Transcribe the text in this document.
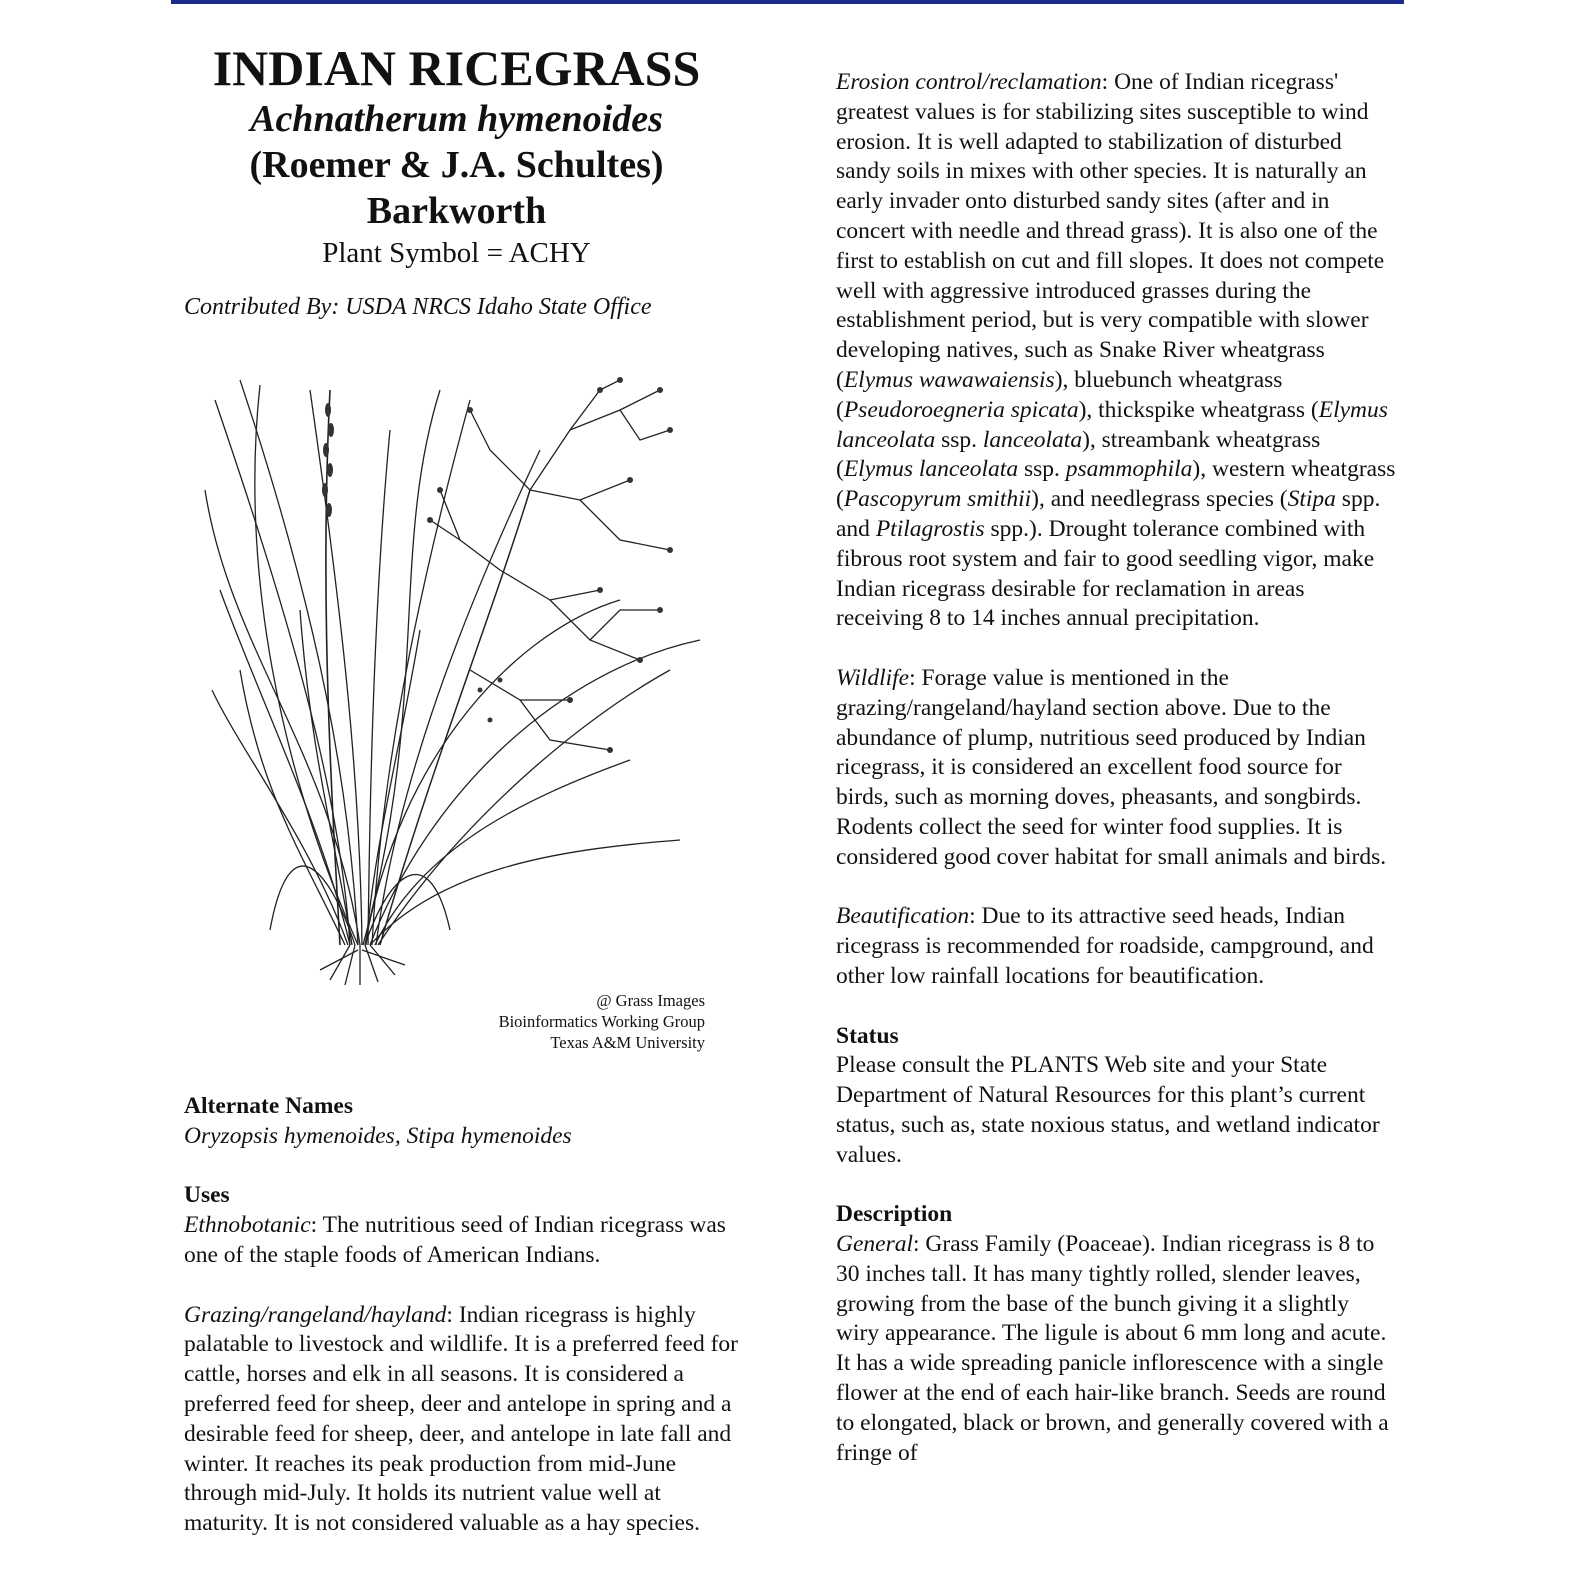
INDIAN RICEGRASS
Achnatherum hymenoides
(Roemer & J.A. Schultes)
Barkworth
Plant Symbol = ACHY
Contributed By: USDA NRCS Idaho State Office
@ Grass Images
Bioinformatics Working Group
Texas A&M University
Alternate Names
Oryzopsis hymenoides, Stipa hymenoides
Uses
Ethnobotanic: The nutritious seed of Indian ricegrass was one of the staple foods of American Indians.
Grazing/rangeland/hayland: Indian ricegrass is highly palatable to livestock and wildlife. It is a preferred feed for cattle, horses and elk in all seasons. It is considered a preferred feed for sheep, deer and antelope in spring and a desirable feed for sheep, deer, and antelope in late fall and winter. It reaches its peak production from mid-June through mid-July. It holds its nutrient value well at maturity. It is not considered valuable as a hay species.
Erosion control/reclamation: One of Indian ricegrass' greatest values is for stabilizing sites susceptible to wind erosion. It is well adapted to stabilization of disturbed sandy soils in mixes with other species. It is naturally an early invader onto disturbed sandy sites (after and in concert with needle and thread grass). It is also one of the first to establish on cut and fill slopes. It does not compete well with aggressive introduced grasses during the establishment period, but is very compatible with slower developing natives, such as Snake River wheatgrass (Elymus wawawaiensis), bluebunch wheatgrass (Pseudoroegneria spicata), thickspike wheatgrass (Elymus lanceolata ssp. lanceolata), streambank wheatgrass (Elymus lanceolata ssp. psammophila), western wheatgrass (Pascopyrum smithii), and needlegrass species (Stipa spp. and Ptilagrostis spp.). Drought tolerance combined with fibrous root system and fair to good seedling vigor, make Indian ricegrass desirable for reclamation in areas receiving 8 to 14 inches annual precipitation.
Wildlife: Forage value is mentioned in the grazing/rangeland/hayland section above. Due to the abundance of plump, nutritious seed produced by Indian ricegrass, it is considered an excellent food source for birds, such as morning doves, pheasants, and songbirds. Rodents collect the seed for winter food supplies. It is considered good cover habitat for small animals and birds.
Beautification: Due to its attractive seed heads, Indian ricegrass is recommended for roadside, campground, and other low rainfall locations for beautification.
Status
Please consult the PLANTS Web site and your State Department of Natural Resources for this plant’s current status, such as, state noxious status, and wetland indicator values.
Description
General: Grass Family (Poaceae). Indian ricegrass is 8 to 30 inches tall. It has many tightly rolled, slender leaves, growing from the base of the bunch giving it a slightly wiry appearance. The ligule is about 6 mm long and acute. It has a wide spreading panicle inflorescence with a single flower at the end of each hair-like branch. Seeds are round to elongated, black or brown, and generally covered with a fringe of
